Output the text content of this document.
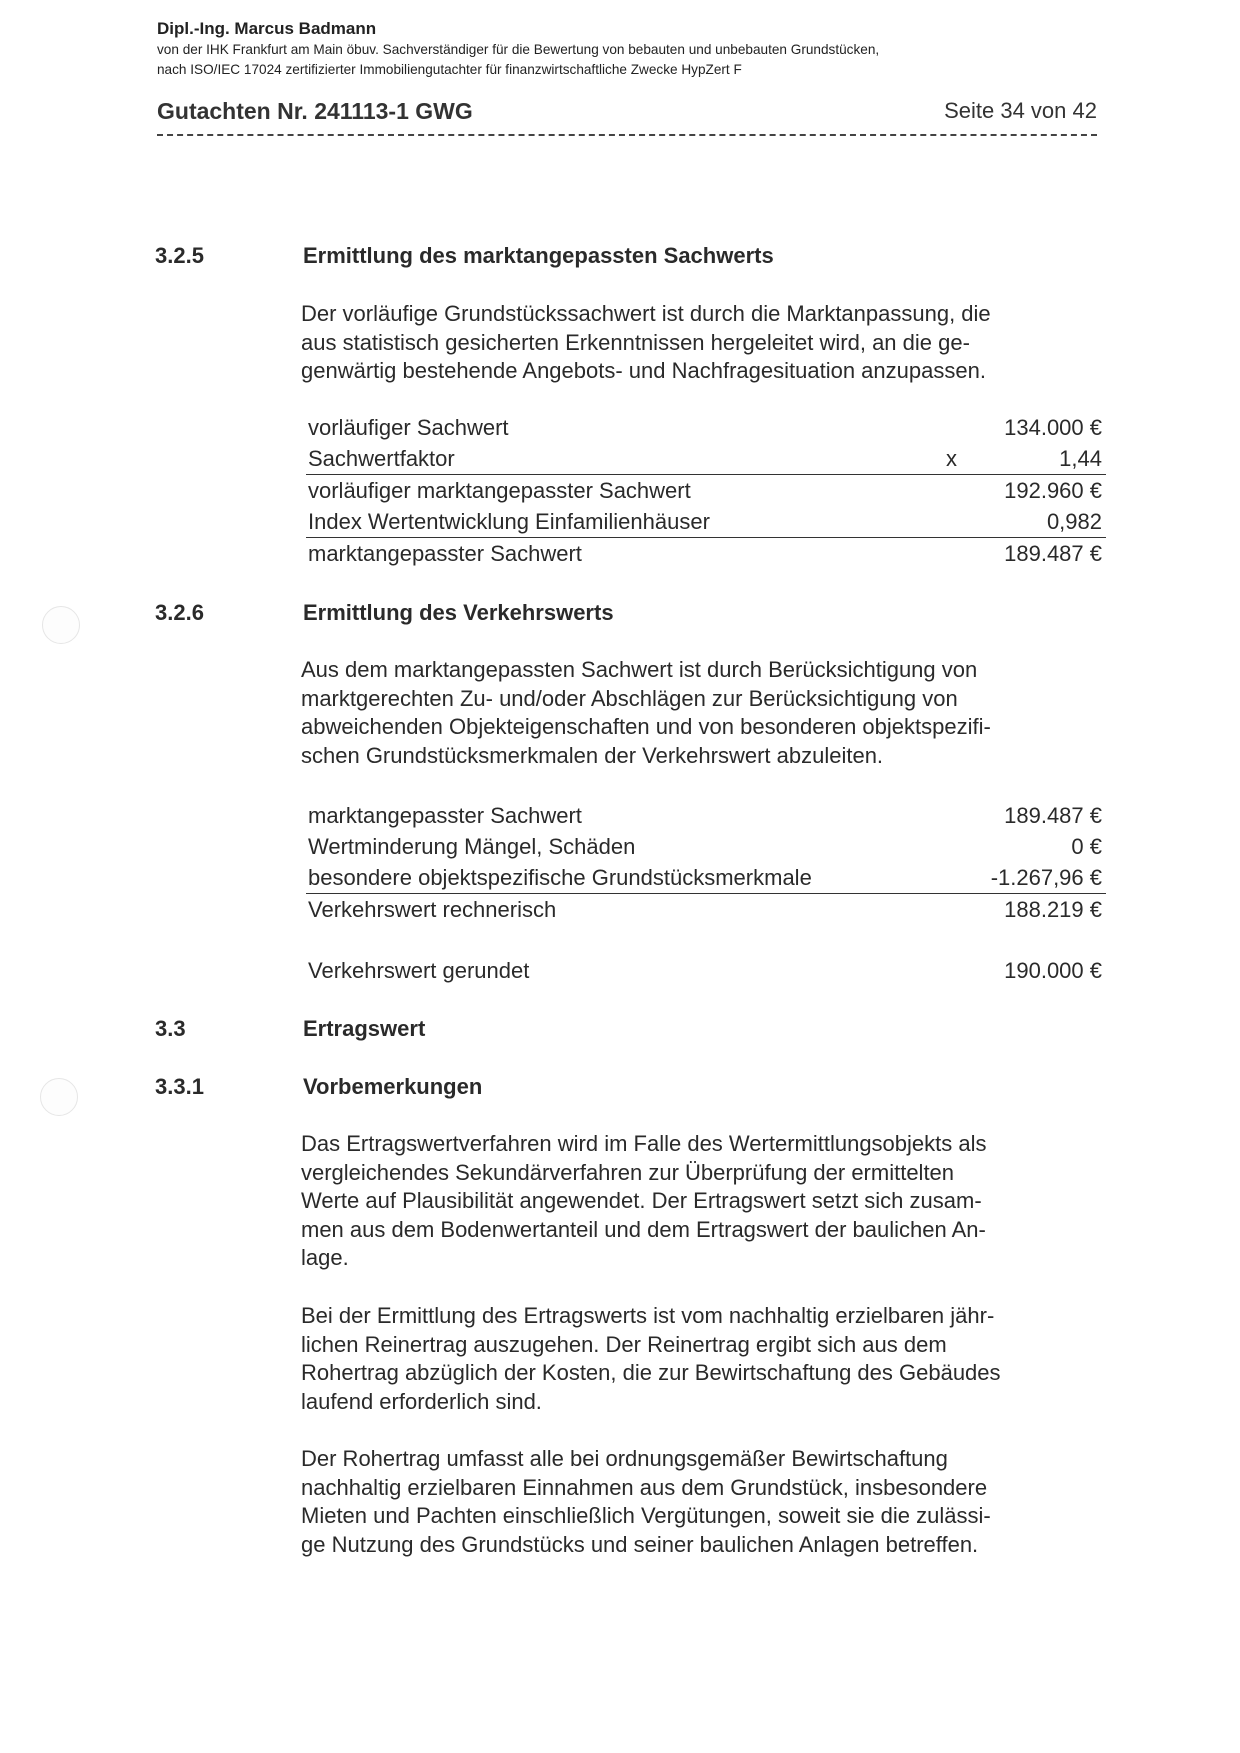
Dipl.-Ing. Marcus Badmann
von der IHK Frankfurt am Main öbuv. Sachverständiger für die Bewertung von bebauten und unbebauten Grundstücken,
nach ISO/IEC 17024 zertifizierter Immobiliengutachter für finanzwirtschaftliche Zwecke HypZert F
Gutachten Nr. 241113-1 GWG	Seite 34 von 42
3.2.5	Ermittlung des marktangepassten Sachwerts
Der vorläufige Grundstückssachwert ist durch die Marktanpassung, die
aus statistisch gesicherten Erkenntnissen hergeleitet wird, an die ge-
genwärtig bestehende Angebots- und Nachfragesituation anzupassen.
vorläufiger Sachwert	134.000 €
Sachwertfaktor	x	1,44
vorläufiger marktangepasster Sachwert	192.960 €
Index Wertentwicklung Einfamilienhäuser	0,982
marktangepasster Sachwert	189.487 €
3.2.6	Ermittlung des Verkehrswerts
Aus dem marktangepassten Sachwert ist durch Berücksichtigung von
marktgerechten Zu- und/oder Abschlägen zur Berücksichtigung von
abweichenden Objekteigenschaften und von besonderen objektspezifi-
schen Grundstücksmerkmalen der Verkehrswert abzuleiten.
marktangepasster Sachwert	189.487 €
Wertminderung Mängel, Schäden	0 €
besondere objektspezifische Grundstücksmerkmale	-1.267,96 €
Verkehrswert rechnerisch	188.219 €
Verkehrswert gerundet	190.000 €
3.3	Ertragswert
3.3.1	Vorbemerkungen
Das Ertragswertverfahren wird im Falle des Wertermittlungsobjekts als
vergleichendes Sekundärverfahren zur Überprüfung der ermittelten
Werte auf Plausibilität angewendet. Der Ertragswert setzt sich zusam-
men aus dem Bodenwertanteil und dem Ertragswert der baulichen An-
lage.
Bei der Ermittlung des Ertragswerts ist vom nachhaltig erzielbaren jähr-
lichen Reinertrag auszugehen. Der Reinertrag ergibt sich aus dem
Rohertrag abzüglich der Kosten, die zur Bewirtschaftung des Gebäudes
laufend erforderlich sind.
Der Rohertrag umfasst alle bei ordnungsgemäßer Bewirtschaftung
nachhaltig erzielbaren Einnahmen aus dem Grundstück, insbesondere
Mieten und Pachten einschließlich Vergütungen, soweit sie die zulässi-
ge Nutzung des Grundstücks und seiner baulichen Anlagen betreffen.
